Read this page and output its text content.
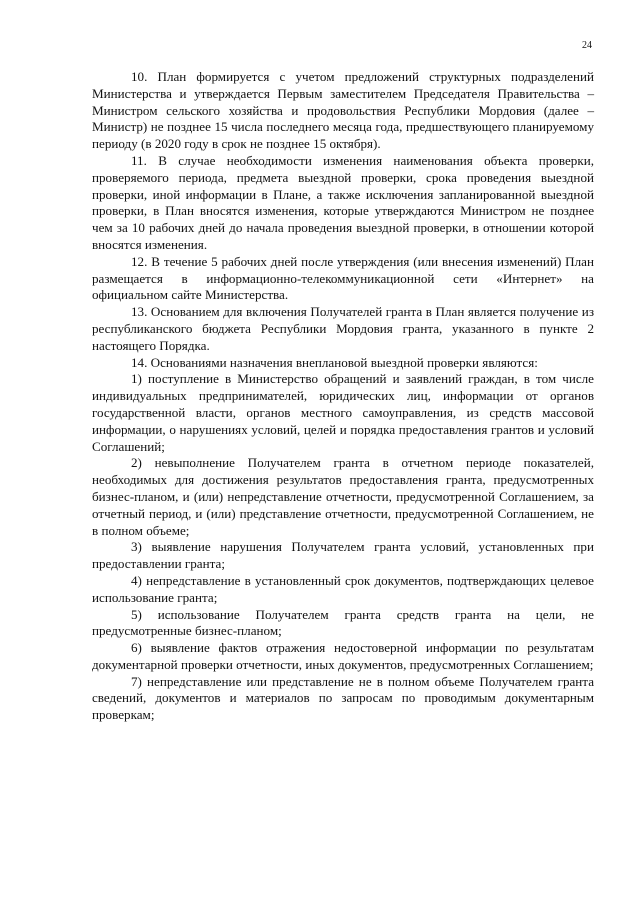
24

10. План формируется с учетом предложений структурных подразделений Министерства и утверждается Первым заместителем Председателя Правительства – Министром сельского хозяйства и продовольствия Республики Мордовия (далее – Министр) не позднее 15 числа последнего месяца года, предшествующего планируемому периоду (в 2020 году в срок не позднее 15 октября).

11. В случае необходимости изменения наименования объекта проверки, проверяемого периода, предмета выездной проверки, срока проведения выездной проверки, иной информации в Плане, а также исключения запланированной выездной проверки, в План вносятся изменения, которые утверждаются Министром не позднее чем за 10 рабочих дней до начала проведения выездной проверки, в отношении которой вносятся изменения.

12. В течение 5 рабочих дней после утверждения (или внесения изменений) План размещается в информационно-телекоммуникационной сети «Интернет» на официальном сайте Министерства.

13. Основанием для включения Получателей гранта в План является получение из республиканского бюджета Республики Мордовия гранта, указанного в пункте 2 настоящего Порядка.

14. Основаниями назначения внеплановой выездной проверки являются:

1) поступление в Министерство обращений и заявлений граждан, в том числе индивидуальных предпринимателей, юридических лиц, информации от органов государственной власти, органов местного самоуправления, из средств массовой информации, о нарушениях условий, целей и порядка предоставления грантов и условий Соглашений;

2) невыполнение Получателем гранта в отчетном периоде показателей, необходимых для достижения результатов предоставления гранта, предусмотренных бизнес-планом, и (или) непредставление отчетности, предусмотренной Соглашением, за отчетный период, и (или) представление отчетности, предусмотренной Соглашением, не в полном объеме;

3) выявление нарушения Получателем гранта условий, установленных при предоставлении гранта;

4) непредставление в установленный срок документов, подтверждающих целевое использование гранта;

5) использование Получателем гранта средств гранта на цели, не предусмотренные бизнес-планом;

6) выявление фактов отражения недостоверной информации по результатам документарной проверки отчетности, иных документов, предусмотренных Соглашением;

7) непредставление или представление не в полном объеме Получателем гранта сведений, документов и материалов по запросам по проводимым документарным проверкам;
